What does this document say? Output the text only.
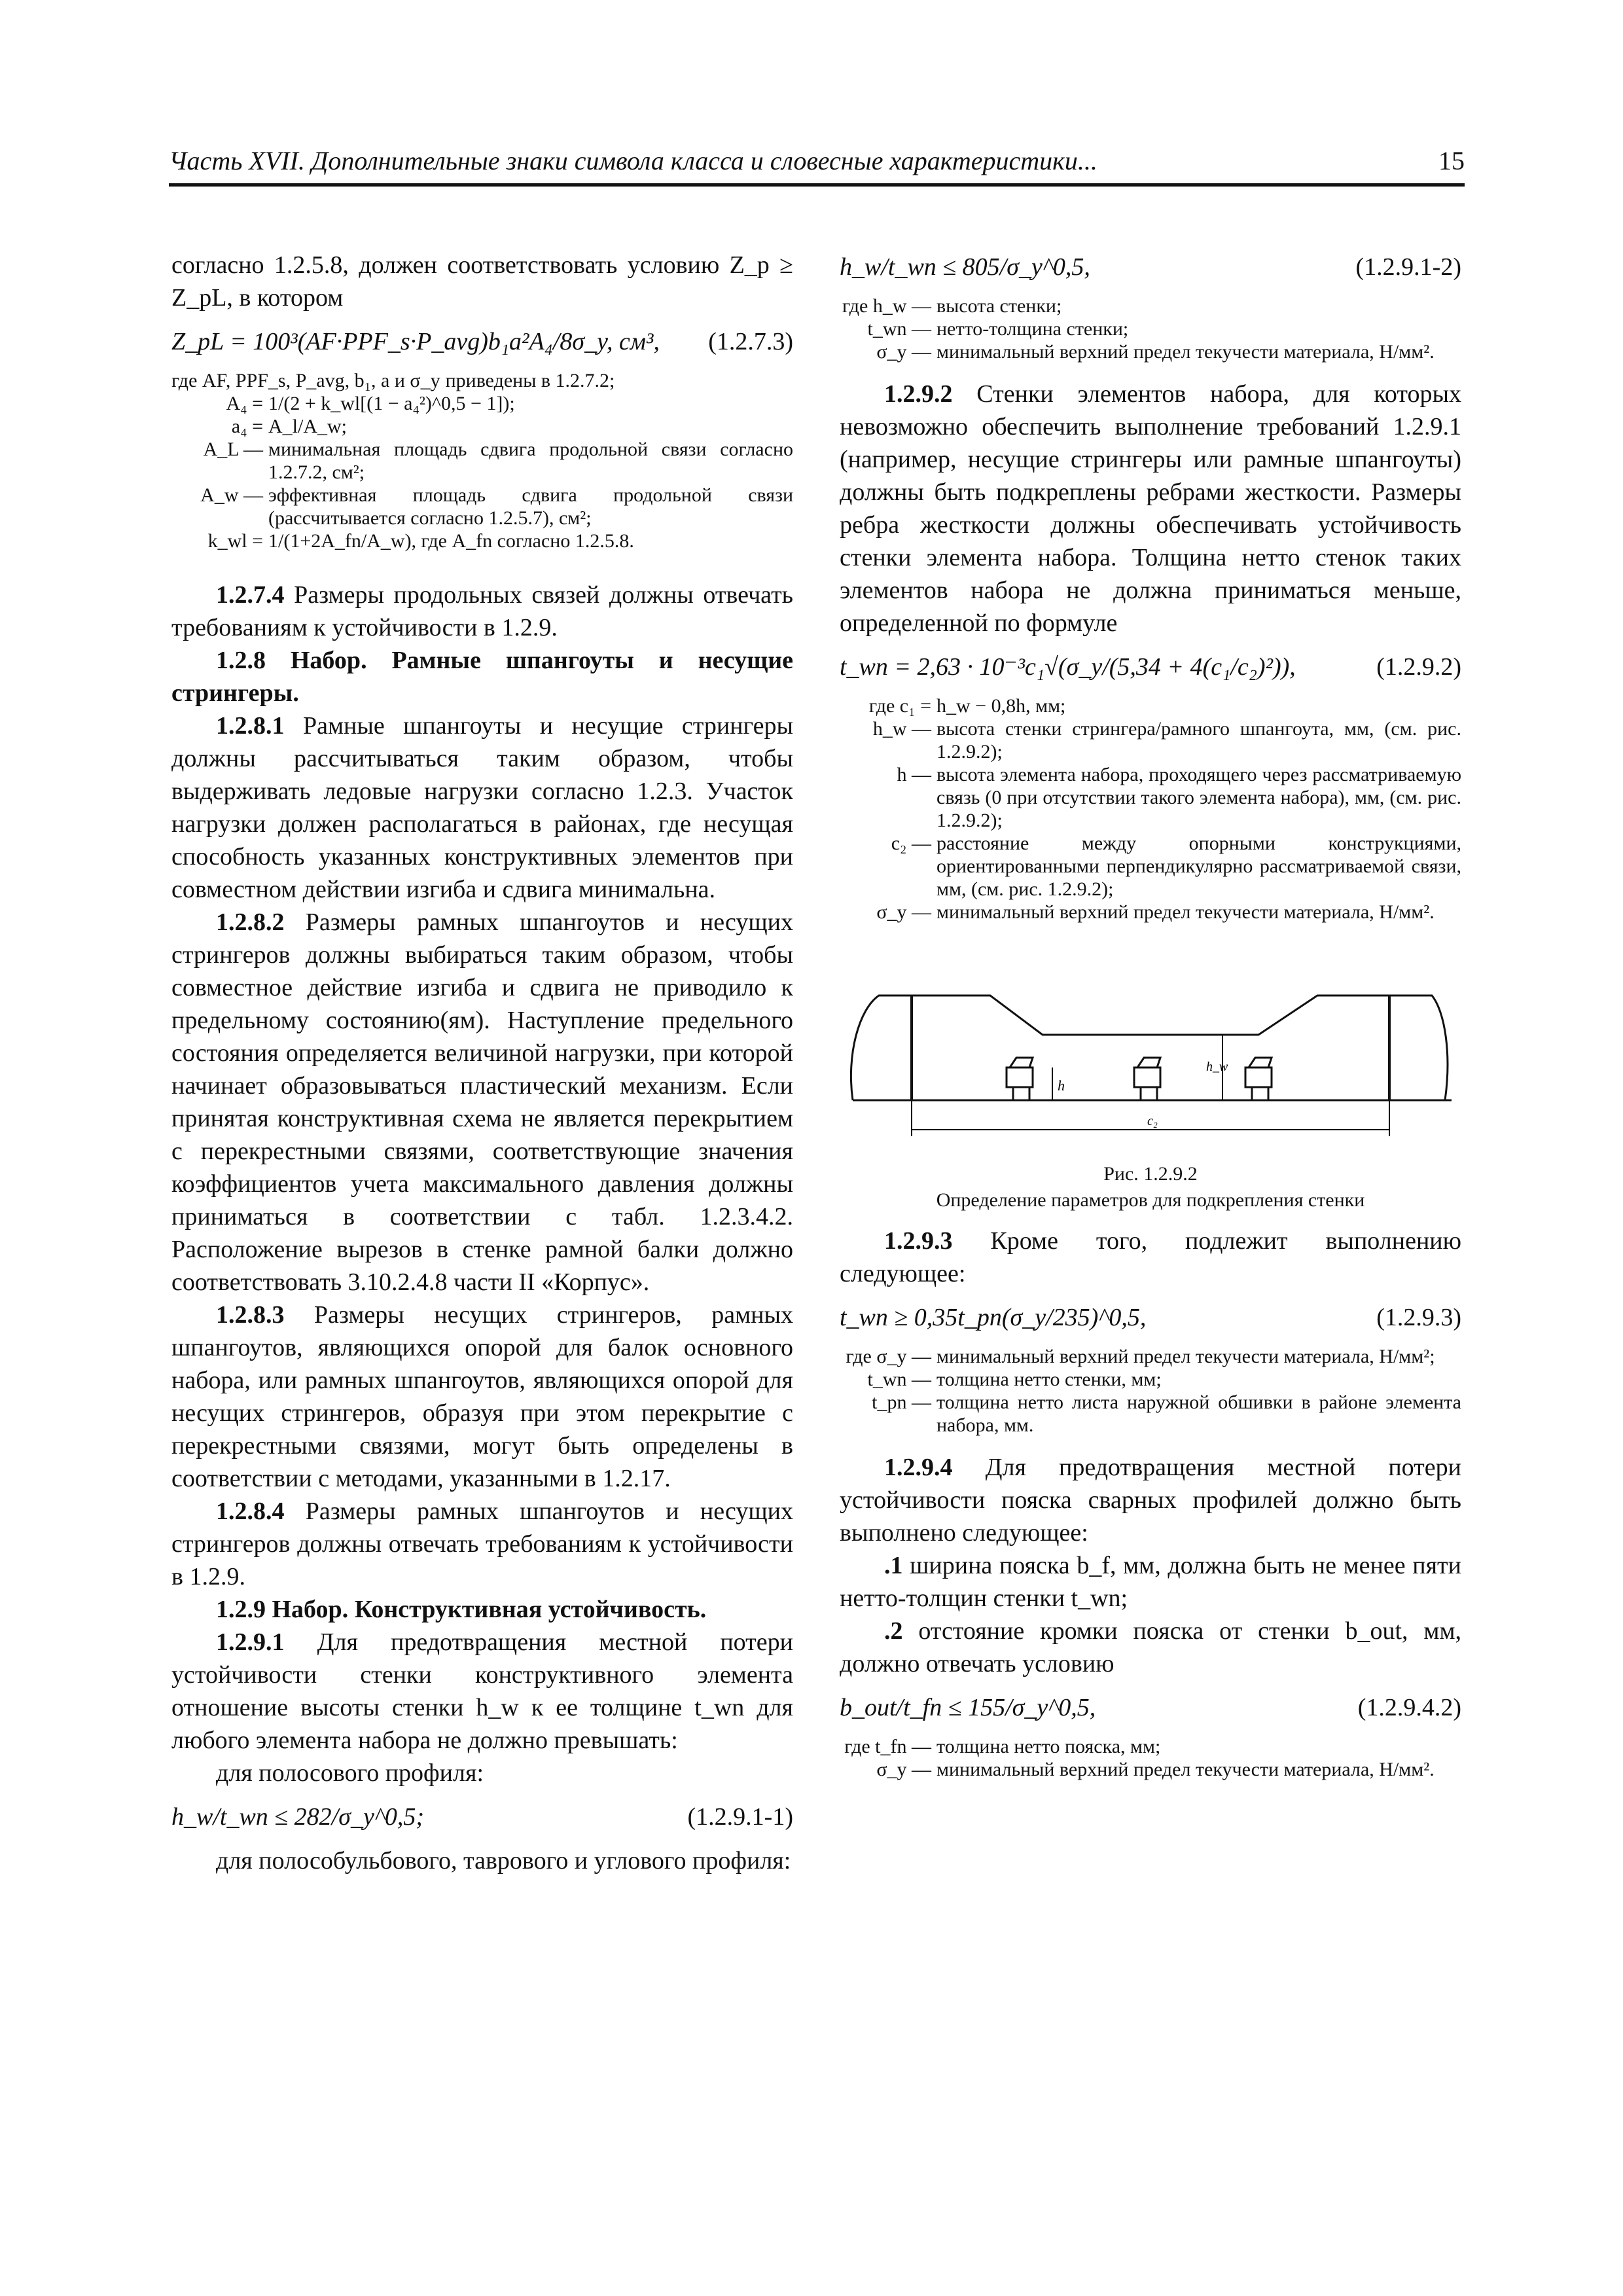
Часть XVII. Дополнительные знаки символа класса и словесные характеристики...	15

согласно 1.2.5.8, должен соответствовать условию Z_p ≥ Z_pL, в котором

Z_pL = 100³(AF·PPF_s·P_avg)b₁a²A₄/8σ_y, см³, (1.2.7.3)
где AF, PPF_s, P_avg, b₁, a и σ_y приведены в 1.2.7.2;
A₄ = 1/(2 + k_wl[(1 − a₄²)^0,5 − 1]);
a₄ = A_l/A_w;
A_L — минимальная площадь сдвига продольной связи согласно 1.2.7.2, см²;
A_w — эффективная площадь сдвига продольной связи (рассчитывается согласно 1.2.5.7), см²;
k_wl = 1/(1+2A_fn/A_w), где A_fn согласно 1.2.5.8.

1.2.7.4 Размеры продольных связей должны отвечать требованиям к устойчивости в 1.2.9.

1.2.8 Набор. Рамные шпангоуты и несущие стрингеры.

1.2.8.1 Рамные шпангоуты и несущие стрингеры должны рассчитываться таким образом, чтобы выдерживать ледовые нагрузки согласно 1.2.3. Участок нагрузки должен располагаться в районах, где несущая способность указанных конструктивных элементов при совместном действии изгиба и сдвига минимальна.

1.2.8.2 Размеры рамных шпангоутов и несущих стрингеров должны выбираться таким образом, чтобы совместное действие изгиба и сдвига не приводило к предельному состоянию(ям). Наступление предельного состояния определяется величиной нагрузки, при которой начинает образовываться пластический механизм. Если принятая конструктивная схема не является перекрытием с перекрестными связями, соответствующие значения коэффициентов учета максимального давления должны приниматься в соответствии с табл. 1.2.3.4.2. Расположение вырезов в стенке рамной балки должно соответствовать 3.10.2.4.8 части II «Корпус».

1.2.8.3 Размеры несущих стрингеров, рамных шпангоутов, являющихся опорой для балок основного набора, или рамных шпангоутов, являющихся опорой для несущих стрингеров, образуя при этом перекрытие с перекрестными связями, могут быть определены в соответствии с методами, указанными в 1.2.17.

1.2.8.4 Размеры рамных шпангоутов и несущих стрингеров должны отвечать требованиям к устойчивости в 1.2.9.

1.2.9 Набор. Конструктивная устойчивость.

1.2.9.1 Для предотвращения местной потери устойчивости стенки конструктивного элемента отношение высоты стенки h_w к ее толщине t_wn для любого элемента набора не должно превышать:

для полосового профиля:

h_w/t_wn ≤ 282/σ_y^0,5;	(1.2.9.1-1)

для полособульбового, таврового и углового профиля:

h_w/t_wn ≤ 805/σ_y^0,5,	(1.2.9.1-2)
где h_w — высота стенки;
t_wn — нетто-толщина стенки;
σ_y — минимальный верхний предел текучести материала, Н/мм².

1.2.9.2 Стенки элементов набора, для которых невозможно обеспечить выполнение требований 1.2.9.1 (например, несущие стрингеры или рамные шпангоуты) должны быть подкреплены ребрами жесткости. Размеры ребра жесткости должны обеспечивать устойчивость стенки элемента набора. Толщина нетто стенок таких элементов набора не должна приниматься меньше, определенной по формуле

t_wn = 2,63 · 10⁻³c₁√(σ_y/(5,34 + 4(c₁/c₂)²)),	(1.2.9.2)
где c₁ = h_w − 0,8h, мм;
h_w — высота стенки стрингера/рамного шпангоута, мм, (см. рис. 1.2.9.2);
h — высота элемента набора, проходящего через рассматриваемую связь (0 при отсутствии такого элемента набора), мм, (см. рис. 1.2.9.2);
c₂ — расстояние между опорными конструкциями, ориентированными перпендикулярно рассматриваемой связи, мм, (см. рис. 1.2.9.2);
σ_y — минимальный верхний предел текучести материала, Н/мм².
h
h_w
c₂
Рис. 1.2.9.2
Определение параметров для подкрепления стенки

1.2.9.3 Кроме того, подлежит выполнению следующее:

t_wn ≥ 0,35t_pn(σ_y/235)^0,5,	(1.2.9.3)
где σ_y — минимальный верхний предел текучести материала, Н/мм²;
t_wn — толщина нетто стенки, мм;
t_pn — толщина нетто листа наружной обшивки в районе элемента набора, мм.

1.2.9.4 Для предотвращения местной потери устойчивости пояска сварных профилей должно быть выполнено следующее:

.1 ширина пояска b_f, мм, должна быть не менее пяти нетто-толщин стенки t_wn;

.2 отстояние кромки пояска от стенки b_out, мм, должно отвечать условию

b_out/t_fn ≤ 155/σ_y^0,5,	(1.2.9.4.2)
где t_fn — толщина нетто пояска, мм;
σ_y — минимальный верхний предел текучести материала, Н/мм².
